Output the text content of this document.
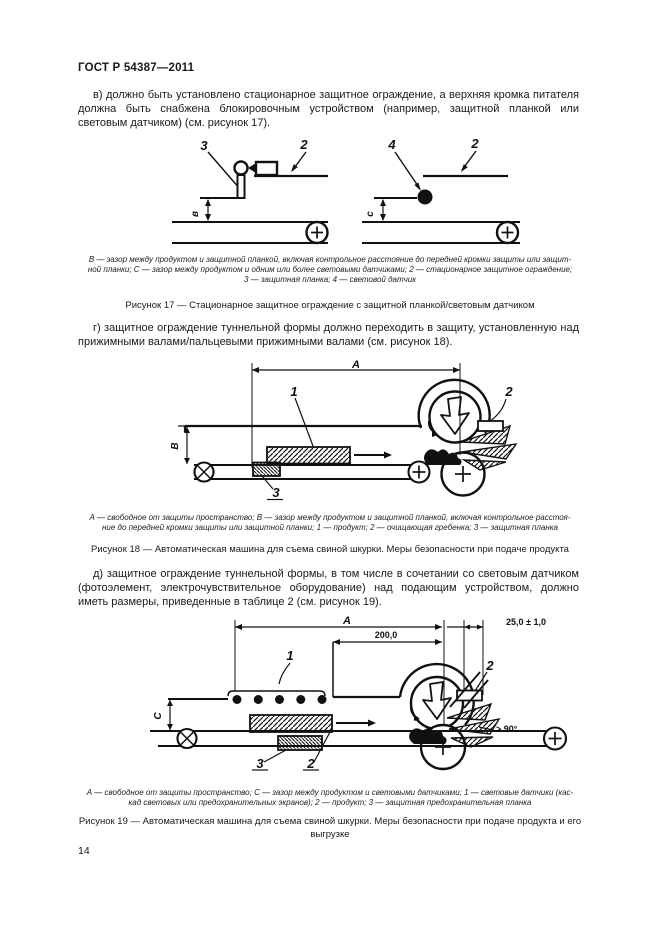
ГОСТ Р 54387—2011
в) должно быть установлено стационарное защитное ограждение, а верхняя кромка питателя должна быть снабжена блокировочным устройством (например, защитной планкой или световым датчиком) (см. рисунок 17).
3	2
в
4	2
с
В — зазор между продуктом и защитной планкой, включая контрольное расстояние до передней кромки защиты или защит-
ной планки; С — зазор между продуктом и одним или более световыми датчиками; 2 — стационарное защитное ограждение;
3 — защитная планка; 4 — световой датчик
Рисунок 17 — Стационарное защитное ограждение с защитной планкой/световым датчиком
г) защитное ограждение туннельной формы должно переходить в защиту, установленную над прижимными валами/пальцевыми прижимными валами (см. рисунок 18).
А
В
1	2
3
А — свободное от защиты пространство; В — зазор между продуктом и защитной планкой, включая контрольное расстоя-
ние до передней кромки защиты или защитной планки; 1 — продукт; 2 — очищающая гребенка; 3 — защитная планка
Рисунок 18 — Автоматическая машина для съема свиной шкурки. Меры безопасности при подаче продукта
д) защитное ограждение туннельной формы, в том числе в сочетании со световым датчиком (фотоэлемент, электрочувствительное оборудование) над подающим устройством, должно иметь размеры, приведенные в таблице 2 (см. рисунок 19).
А	25,0 ± 1,0
200,0
С
1
2
> 90°
3	2
А — свободное от защиты пространство; С — зазор между продуктом и световыми датчиками; 1 — световые датчики (кас-
кад световых или предохранительных экранов); 2 — продукт; 3 — защитная предохранительная планка
Рисунок 19 — Автоматическая машина для съема свиной шкурки. Меры безопасности при подаче продукта и его
выгрузке
14
